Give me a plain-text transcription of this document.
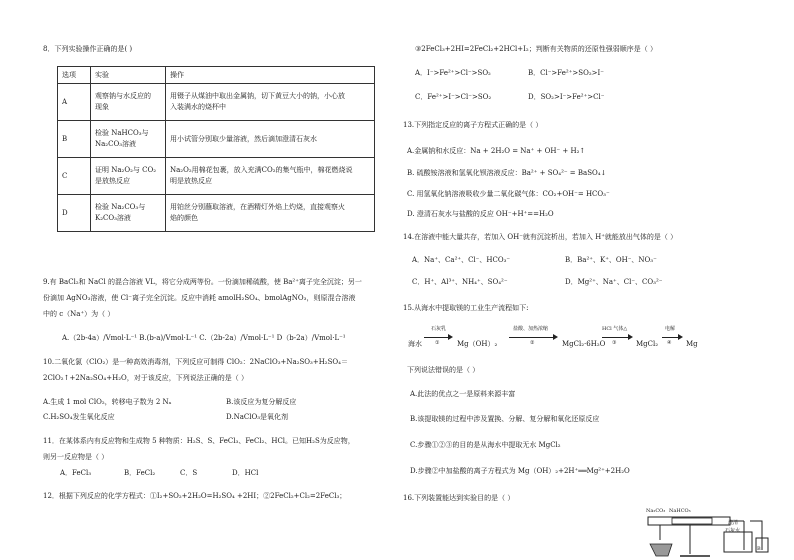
8．下列实验操作正确的是( )
选项	实验	操作
A	观察钠与水反应的
现象	用镊子从煤油中取出金属钠，切下黄豆大小的钠，小心放
入装满水的烧杯中

B	检验 NaHCO₃与
Na₂CO₃溶液	用小试管分别取少量溶液，然后滴加澄清石灰水

C	证明 Na₂O₂与 CO₂
是放热反应	Na₂O₂用棉花包裹，放入充满CO₂的集气瓶中，棉花燃烧说
明是放热反应

D	检验 Na₂CO₃与
K₂CO₃溶液	用铂丝分别蘸取溶液，在酒精灯外焰上灼烧，直接观察火
焰的颜色
9.有 BaCl₂和 NaCl 的混合溶液 VL，将它分成两等份。一份滴加稀硫酸，使 Ba²⁺离子完全沉淀；另一
份滴加 AgNO₃溶液，使 Cl⁻离子完全沉淀。反应中消耗 amolH₂SO₄、bmolAgNO₃，则原混合溶液
中的 c（Na⁺）为（ ）
A.（2b-4a）/Vmol·L⁻¹ B.(b-a)/Vmol·L⁻¹ C.（2b-2a）/Vmol·L⁻¹ D（b-2a）/Vmol·L⁻¹
10.二氧化氯（ClO₂）是一种高效消毒剂，下列反应可制得 ClO₂：2NaClO₃+Na₂SO₃+H₂SO₄＝
2ClO₂↑+2Na₂SO₄+H₂O，对于该反应，下列说法正确的是（ ）
A.生成 1 mol ClO₂，转移电子数为 2 Nₐ	B.该反应为复分解反应
C.H₂SO₄发生氧化反应	D.NaClO₃是氧化剂
11．在某体系内有反应物和生成物 5 种物质：H₂S、S、FeCl₃、FeCl₂、HCl。已知H₂S为反应物，
则另一反应物是（ ）
A．FeCl₃	B．FeCl₂	C．S	D．HCl
12．根据下列反应的化学方程式：①I₂+SO₂+2H₂O=H₂SO₄ +2HI；②2FeCl₂+Cl₂=2FeCl₃；
③2FeCl₃+2HI=2FeCl₂+2HCl+I₂；判断有关物质的还原性强弱顺序是（ ）
A．I⁻>Fe²⁺>Cl⁻>SO₂	B．Cl⁻>Fe²⁺>SO₂>I⁻
C．Fe²⁺>I⁻>Cl⁻>SO₂	D．SO₂>I⁻>Fe²⁺>Cl⁻
13.下列指定反应的离子方程式正确的是（ ）
A.金属钠和水反应：Na + 2H₂O = Na⁺ + OH⁻ + H₂↑
B. 硫酸铵溶液和氢氧化钡溶液反应：Ba²⁺ + SO₄²⁻ = BaSO₄↓
C. 用氢氧化钠溶液吸收少量二氧化碳气体：CO₂+OH⁻= HCO₃⁻
D. 澄清石灰水与盐酸的反应 OH⁻+H⁺==H₂O
14.在溶液中能大量共存，若加入 OH⁻就有沉淀析出，若加入 H⁺就能放出气体的是（ ）
A．Na⁺、Ca²⁺、Cl⁻、HCO₃⁻	B．Ba²⁺、K⁺、OH⁻、NO₃⁻
C．H⁺、Al³⁺、NH₄⁺、SO₄²⁻	D．Mg²⁺、Na⁺、Cl⁻、CO₃²⁻
15.从海水中提取镁的工业生产流程如下:
海水
石灰乳
①	Mg（OH）₂
盐酸、加热浓缩
②	MgCl₂·6H₂O
HCl 气体△
③	MgCl₂
电解
④ Mg
下列说法错误的是（ ）
A.此法的优点之一是原料来源丰富
B.该提取镁的过程中涉及置换、分解、复分解和氧化还原反应
C.步骤①②③的目的是从海水中提取无水 MgCl₂
D.步骤②中加盐酸的离子方程式为 Mg（OH）₂+2H⁺══Mg²⁺+2H₂O
16.下列装置能达到实验目的是（ ）
Na₂CO₃ NaHCO₃
澄清
石灰水
B
